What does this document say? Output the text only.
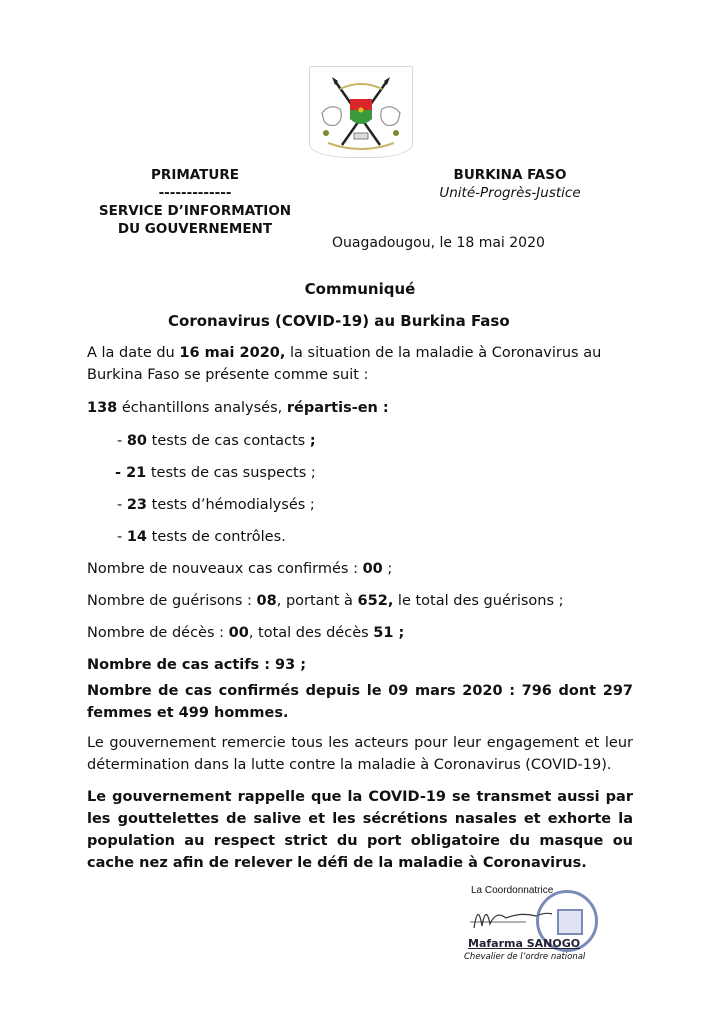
PRIMATURE
-------------
SERVICE D’INFORMATION
DU GOUVERNEMENT
BURKINA FASO
Unité-Progrès-Justice
Ouagadougou, le 18 mai 2020
Communiqué
Coronavirus (COVID-19) au Burkina Faso
A la date du 16 mai 2020, la situation de la maladie à Coronavirus au Burkina Faso se présente comme suit :
138 échantillons analysés, répartis-en :
- 80 tests de cas contacts ;
- 21 tests de cas suspects ;
- 23 tests d’hémodialysés ;
- 14 tests de contrôles.
Nombre de nouveaux cas confirmés : 00 ;
Nombre de guérisons : 08, portant à 652, le total des guérisons ;
Nombre de décès : 00, total des décès 51 ;
Nombre de cas actifs : 93 ;
Nombre de cas confirmés depuis le 09 mars 2020 : 796 dont 297 femmes et 499 hommes.
Le gouvernement remercie tous les acteurs pour leur engagement et leur détermination dans la lutte contre la maladie à Coronavirus (COVID-19).
Le gouvernement rappelle que la COVID-19 se transmet aussi par les gouttelettes de salive et les sécrétions nasales et exhorte la population au respect strict du port obligatoire du masque ou cache nez afin de relever le défi de la maladie à Coronavirus.
La Coordonnatrice
Mafarma SANOGO
Chevalier de l’ordre national
